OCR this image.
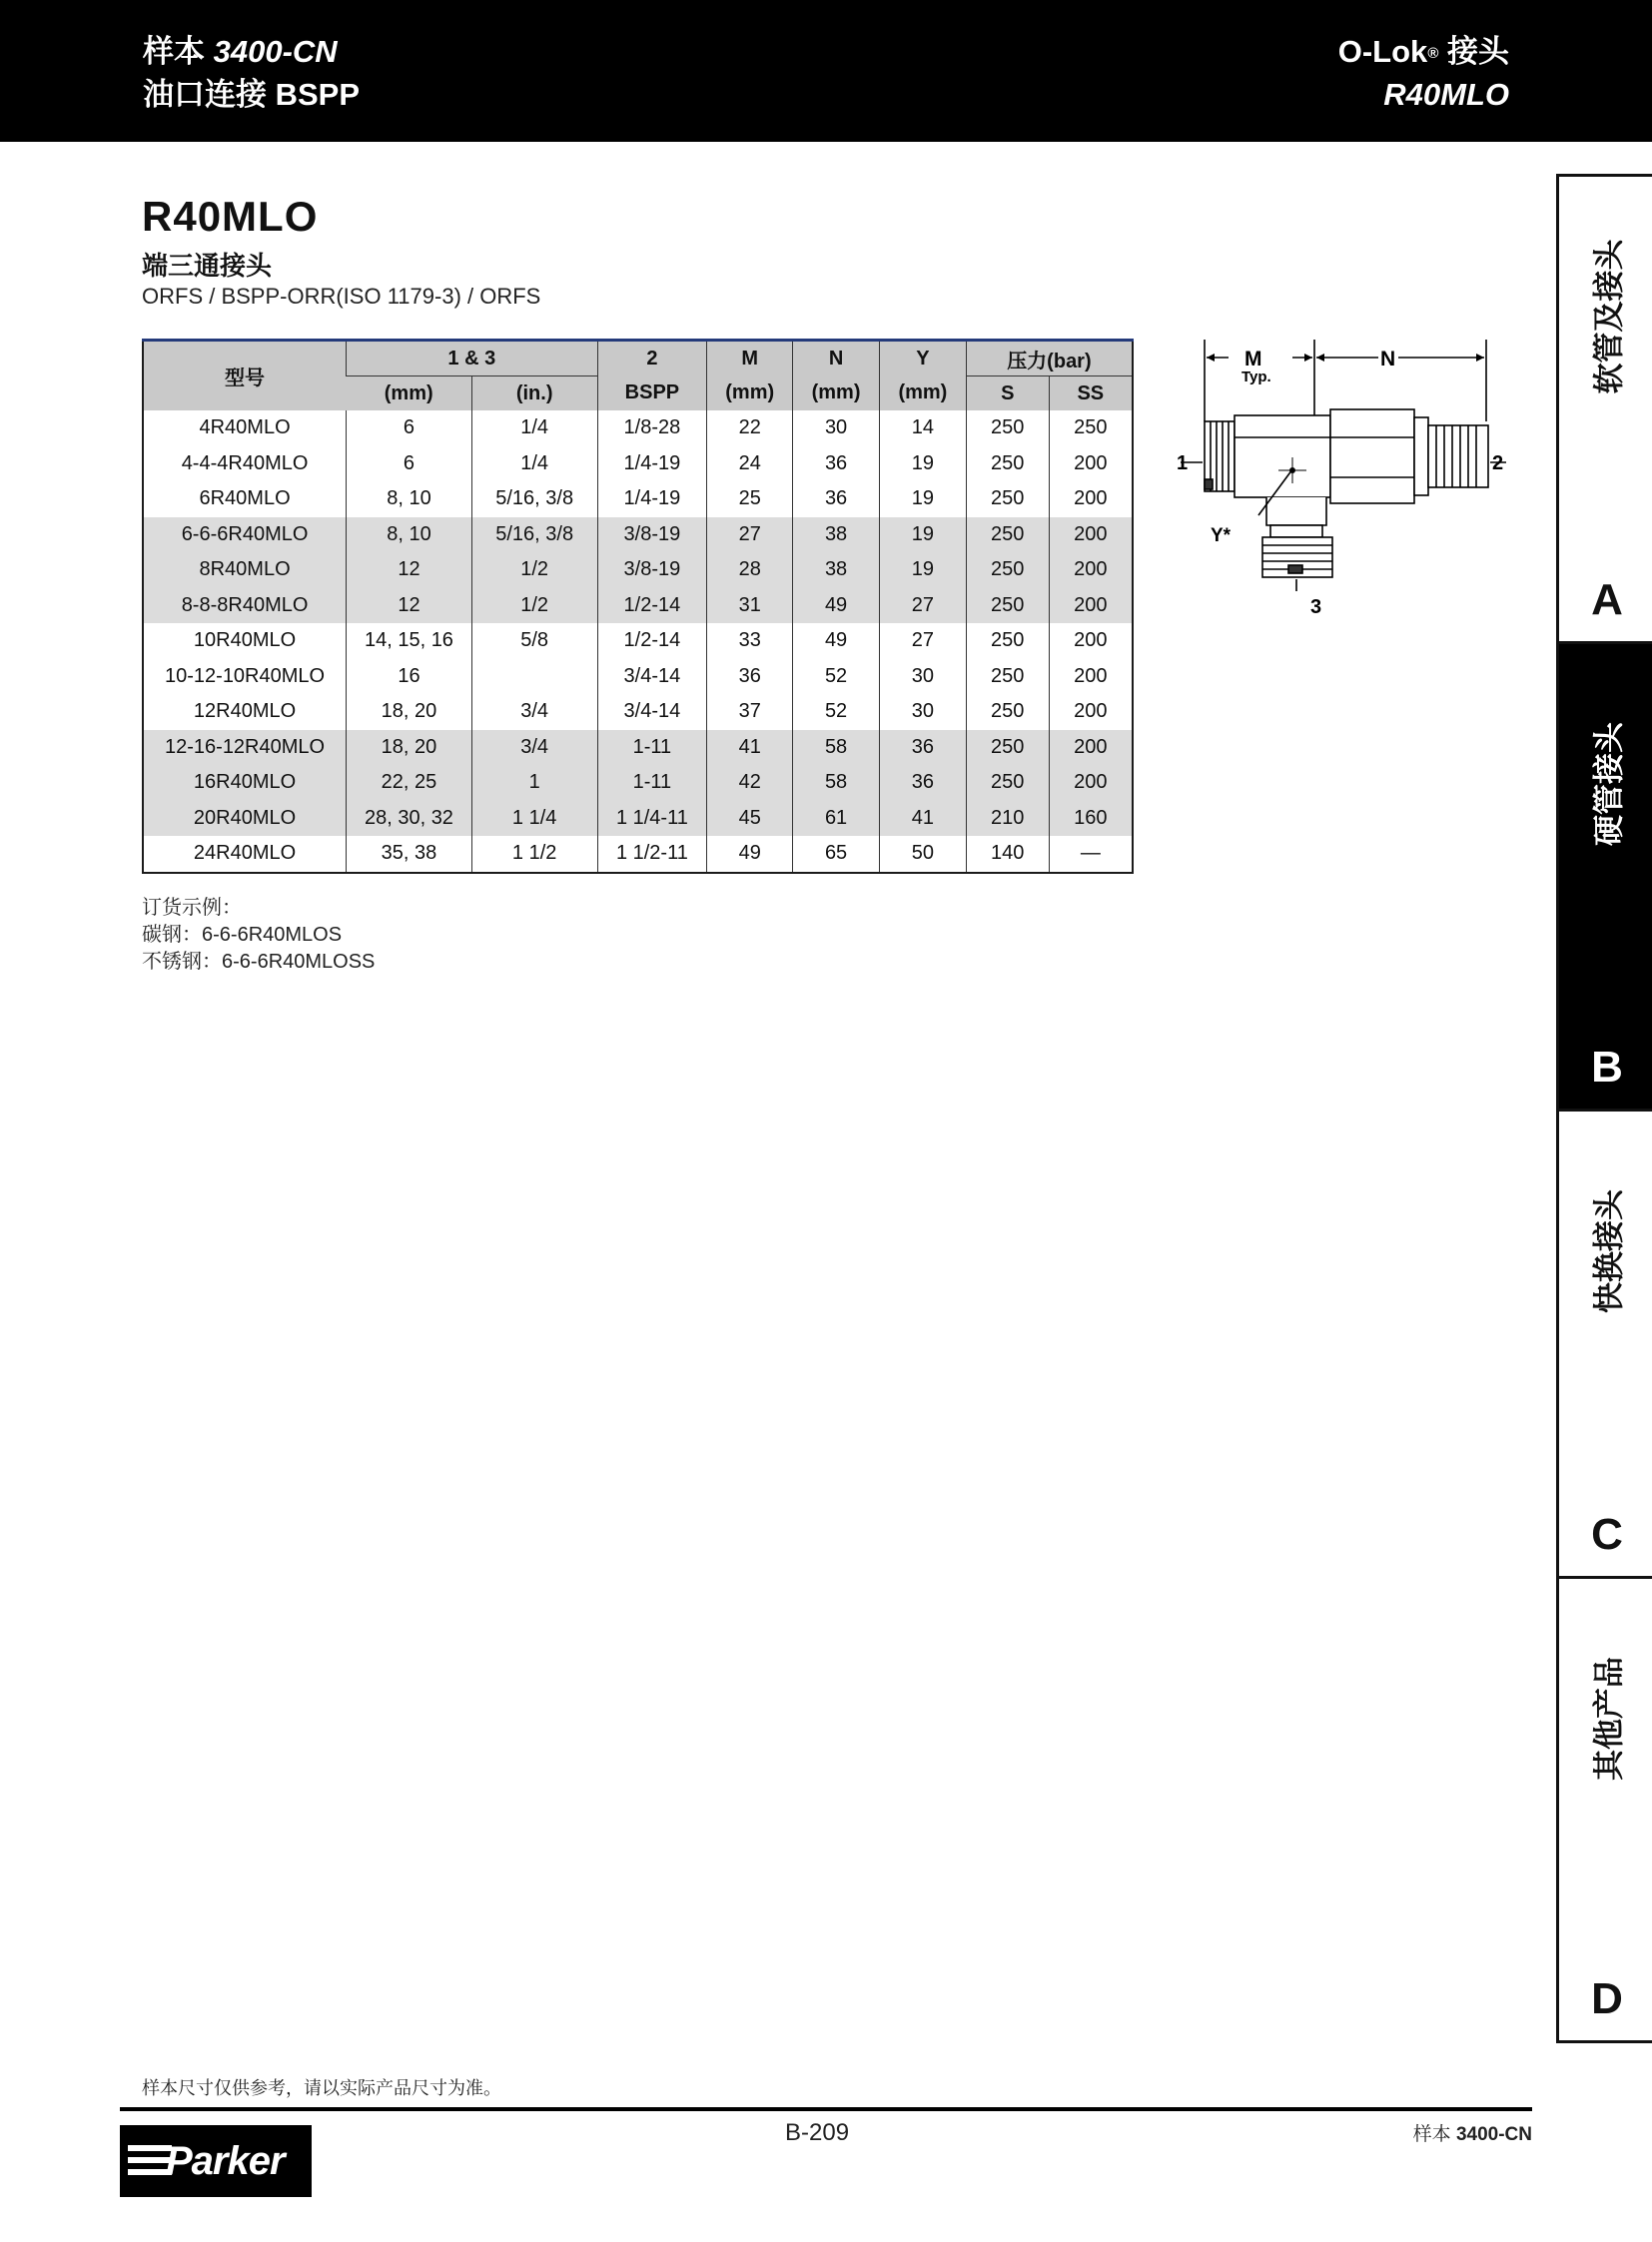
样本 3400-CN
油口连接 BSPP
O-Lok® 接头
R40MLO
R40MLO
端三通接头
ORFS / BSPP-ORR(ISO 1179-3) / ORFS
型号	1 & 3		2	M	N	Y	压力(bar)	
	(mm)	(in.)	BSPP	(mm)	(mm)	(mm)	S	SS
4R40MLO	6	1/4	1/8-28	22	30	14	250	250
4-4-4R40MLO	6	1/4	1/4-19	24	36	19	250	200
6R40MLO	8, 10	5/16, 3/8	1/4-19	25	36	19	250	200
6-6-6R40MLO	8, 10	5/16, 3/8	3/8-19	27	38	19	250	200
8R40MLO	12	1/2	3/8-19	28	38	19	250	200
8-8-8R40MLO	12	1/2	1/2-14	31	49	27	250	200
10R40MLO	14, 15, 16	5/8	1/2-14	33	49	27	250	200
10-12-10R40MLO	16		3/4-14	36	52	30	250	200
12R40MLO	18, 20	3/4	3/4-14	37	52	30	250	200
12-16-12R40MLO	18, 20	3/4	1-11	41	58	36	250	200
16R40MLO	22, 25	1	1-11	42	58	36	250	200
20R40MLO	28, 30, 32	1 1/4	1 1/4-11	45	61	41	210	160
24R40MLO	35, 38	1 1/2	1 1/2-11	49	65	50	140	—
订货示例：
碳钢：6-6-6R40MLOS
不锈钢：6-6-6R40MLOSS
M
Typ.
N
1	2
3
Y*
软管及接头
A
硬管接头
B
快换接头
C
其他产品
D
样本尺寸仅供参考，请以实际产品尺寸为准。
Parker
B-209	样本 3400-CN
